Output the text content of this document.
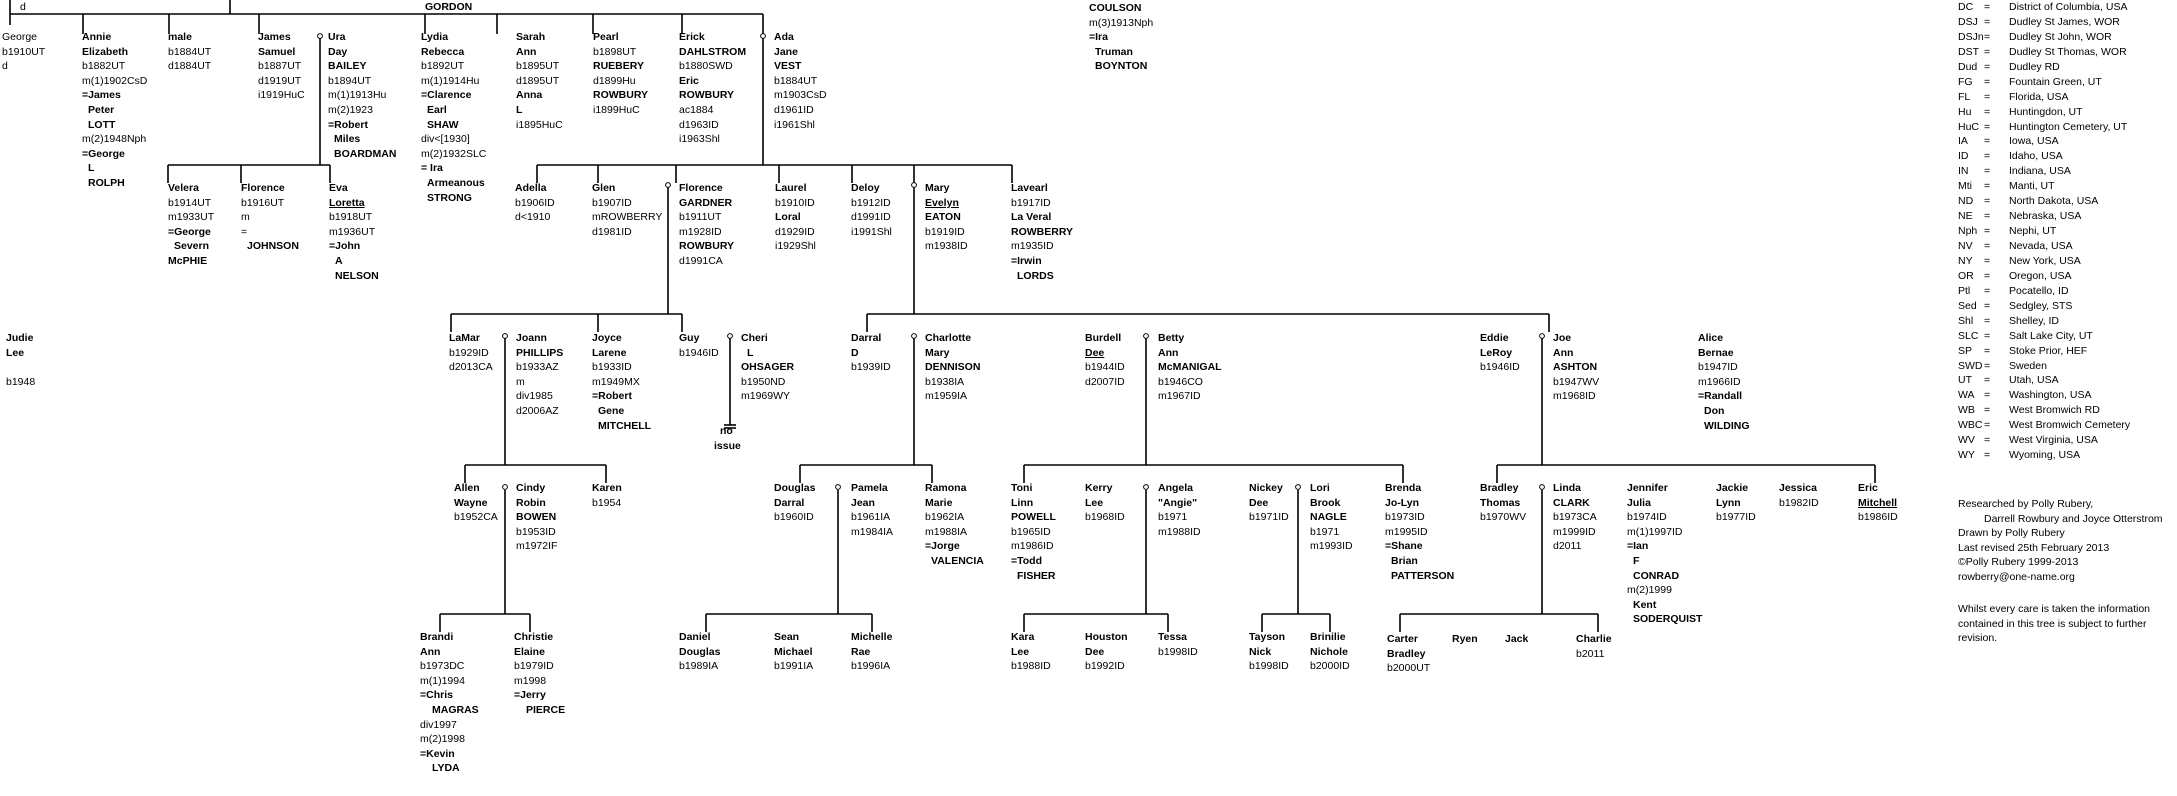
GORDON
d
George
b1910UT
d
Annie
Elizabeth
b1882UT
m(1)1902CsD
=James
Peter
LOTT
m(2)1948Nph
=George
L
ROLPH
male
b1884UT
d1884UT
James
Samuel
b1887UT
d1919UT
i1919HuC
Ura
Day
BAILEY
b1894UT
m(1)1913Hu
m(2)1923
=Robert
Miles
BOARDMAN
Lydia
Rebecca
b1892UT
m(1)1914Hu
=Clarence
Earl
SHAW
div<[1930]
m(2)1932SLC
= Ira
Armeanous
STRONG
Sarah
Ann
b1895UT
d1895UT
Anna
L
i1895HuC
Pearl
b1898UT
RUEBERY
d1899Hu
ROWBURY
i1899HuC
Erick
DAHLSTROM
b1880SWD
Eric
ROWBURY
ac1884
d1963ID
i1963Shl
Ada
Jane
VEST
b1884UT
m1903CsD
d1961ID
i1961Shl
COULSON
m(3)1913Nph
=Ira
Truman
BOYNTON
Velera
b1914UT
m1933UT
=George
Severn
McPHIE
Florence
b1916UT
m
=
JOHNSON
Eva
Loretta
b1918UT
m1936UT
=John
A
NELSON
Adella
b1906ID
d<1910
Glen
b1907ID
mROWBERRY
d1981ID
Florence
GARDNER
b1911UT
m1928ID
ROWBURY
d1991CA
Laurel
b1910ID
Loral
d1929ID
i1929Shl
Deloy
b1912ID
d1991ID
i1991Shl
Mary
Evelyn
EATON
b1919ID
m1938ID
Lavearl
b1917ID
La Veral
ROWBERRY
m1935ID
=Irwin
LORDS
Judie
Lee
b1948
LaMar
b1929ID
d2013CA
Joann
PHILLIPS
b1933AZ
m
div1985
d2006AZ
Joyce
Larene
b1933ID
m1949MX
=Robert
Gene
MITCHELL
Guy
b1946ID
Cheri
L
OHSAGER
b1950ND
m1969WY
no
issue
Darral
D
b1939ID
Charlotte
Mary
DENNISON
b1938IA
m1959IA
Burdell
Dee
b1944ID
d2007ID
Betty
Ann
McMANIGAL
b1946CO
m1967ID
Eddie
LeRoy
b1946ID
Joe
Ann
ASHTON
b1947WV
m1968ID
Alice
Bernae
b1947ID
m1966ID
=Randall
Don
WILDING
Allen
Wayne
b1952CA
Cindy
Robin
BOWEN
b1953ID
m1972IF
Karen
b1954
Douglas
Darral
b1960ID
Pamela
Jean
b1961IA
m1984IA
Ramona
Marie
b1962IA
m1988IA
=Jorge
VALENCIA
Toni
Linn
POWELL
b1965ID
m1986ID
=Todd
FISHER
Kerry
Lee
b1968ID
Angela
"Angie"
b1971
m1988ID
Nickey
Dee
b1971ID
Lori
Brook
NAGLE
b1971
m1993ID
Brenda
Jo-Lyn
b1973ID
m1995ID
=Shane
Brian
PATTERSON
Bradley
Thomas
b1970WV
Linda
CLARK
b1973CA
m1999ID
d2011
Jennifer
Julia
b1974ID
m(1)1997ID
=Ian
F
CONRAD
m(2)1999
Kent
SODERQUIST
Jackie
Lynn
b1977ID
Jessica
b1982ID
Eric
Mitchell
b1986ID
Brandi
Ann
b1973DC
m(1)1994
=Chris
MAGRAS
div1997
m(2)1998
=Kevin
LYDA
Christie
Elaine
b1979ID
m1998
=Jerry
PIERCE
Daniel
Douglas
b1989IA
Sean
Michael
b1991IA
Michelle
Rae
b1996IA
Kara
Lee
b1988ID
Houston
Dee
b1992ID
Tessa
b1998ID
Tayson
Nick
b1998ID
Brinilie
Nichole
b2000ID
Carter
Bradley
b2000UT
Ryen	Jack	Charlie
b2011
DC = District of Columbia, USA
DSJ = Dudley St James, WOR
DSJn = Dudley St John, WOR
DST = Dudley St Thomas, WOR
Dud = Dudley RD
FG = Fountain Green, UT
FL = Florida, USA
Hu = Huntingdon, UT
HuC = Huntington Cemetery, UT
IA = Iowa, USA
ID = Idaho, USA
IN = Indiana, USA
Mti = Manti, UT
ND = North Dakota, USA
NE = Nebraska, USA
Nph = Nephi, UT
NV = Nevada, USA
NY = New York, USA
OR = Oregon, USA
Ptl = Pocatello, ID
Sed = Sedgley, STS
Shl = Shelley, ID
SLC = Salt Lake City, UT
SP = Stoke Prior, HEF
SWD = Sweden
UT = Utah, USA
WA = Washington, USA
WB = West Bromwich RD
WBC = West Bromwich Cemetery
WV = West Virginia, USA
WY = Wyoming, USA
Researched by Polly Rubery,
Darrell Rowbury and Joyce Otterstrom
Drawn by Polly Rubery
Last revised 25th February 2013
©Polly Rubery 1999-2013
rowberry@one-name.org
Whilst every care is taken the information contained in this tree is subject to further revision.
